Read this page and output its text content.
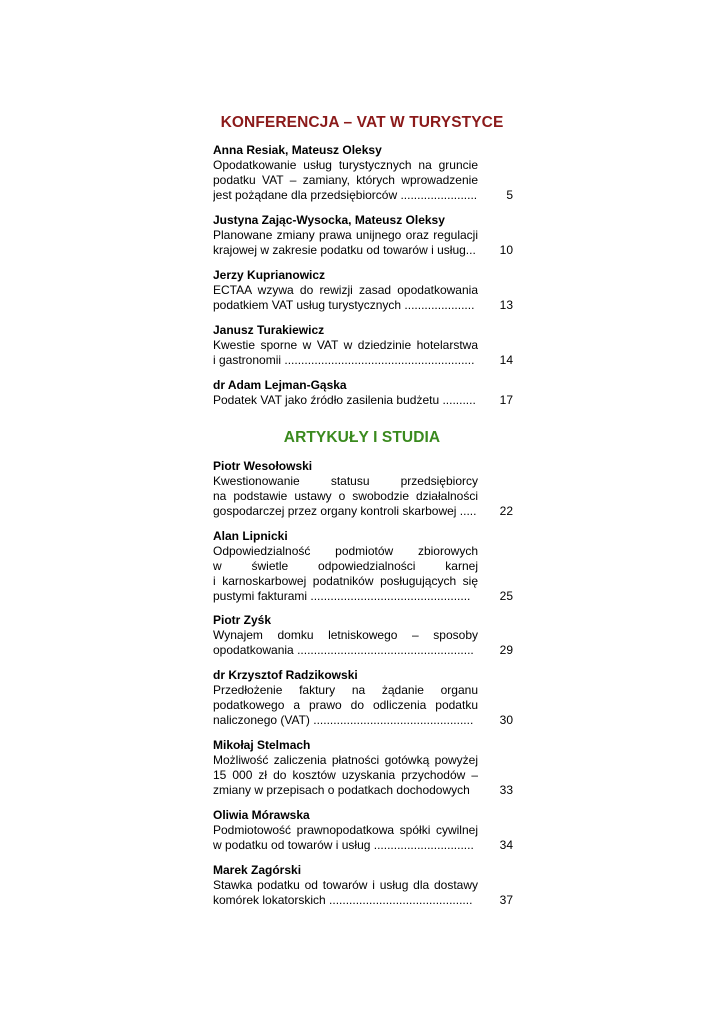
KONFERENCJA – VAT W TURYSTYCE
Anna Resiak, Mateusz Oleksy
Opodatkowanie usług turystycznych na gruncie
podatku VAT – zamiany, których wprowadzenie
jest pożądane dla przedsiębiorców .......................	5
Justyna Zając-Wysocka, Mateusz Oleksy
Planowane zmiany prawa unijnego oraz regulacji
krajowej w zakresie podatku od towarów i usług...	10
Jerzy Kuprianowicz
ECTAA wzywa do rewizji zasad opodatkowania
podatkiem VAT usług turystycznych .....................	13
Janusz Turakiewicz
Kwestie sporne w VAT w dziedzinie hotelarstwa
i gastronomii .........................................................	14
dr Adam Lejman-Gąska
Podatek VAT jako źródło zasilenia budżetu ..........	17
ARTYKUŁY I STUDIA
Piotr Wesołowski
Kwestionowanie statusu przedsiębiorcy
na podstawie ustawy o swobodzie działalności
gospodarczej przez organy kontroli skarbowej .....	22
Alan Lipnicki
Odpowiedzialność podmiotów zbiorowych
w świetle odpowiedzialności karnej
i karnoskarbowej podatników posługujących się
pustymi fakturami ................................................	25
Piotr Zyśk
Wynajem domku letniskowego – sposoby
opodatkowania .....................................................	29
dr Krzysztof Radzikowski
Przedłożenie faktury na żądanie organu
podatkowego a prawo do odliczenia podatku
naliczonego (VAT) ................................................	30
Mikołaj Stelmach
Możliwość zaliczenia płatności gotówką powyżej
15 000 zł do kosztów uzyskania przychodów –
zmiany w przepisach o podatkach dochodowych	33
Oliwia Mórawska
Podmiotowość prawnopodatkowa spółki cywilnej
w podatku od towarów i usług ..............................	34
Marek Zagórski
Stawka podatku od towarów i usług dla dostawy
komórek lokatorskich ...........................................	37
